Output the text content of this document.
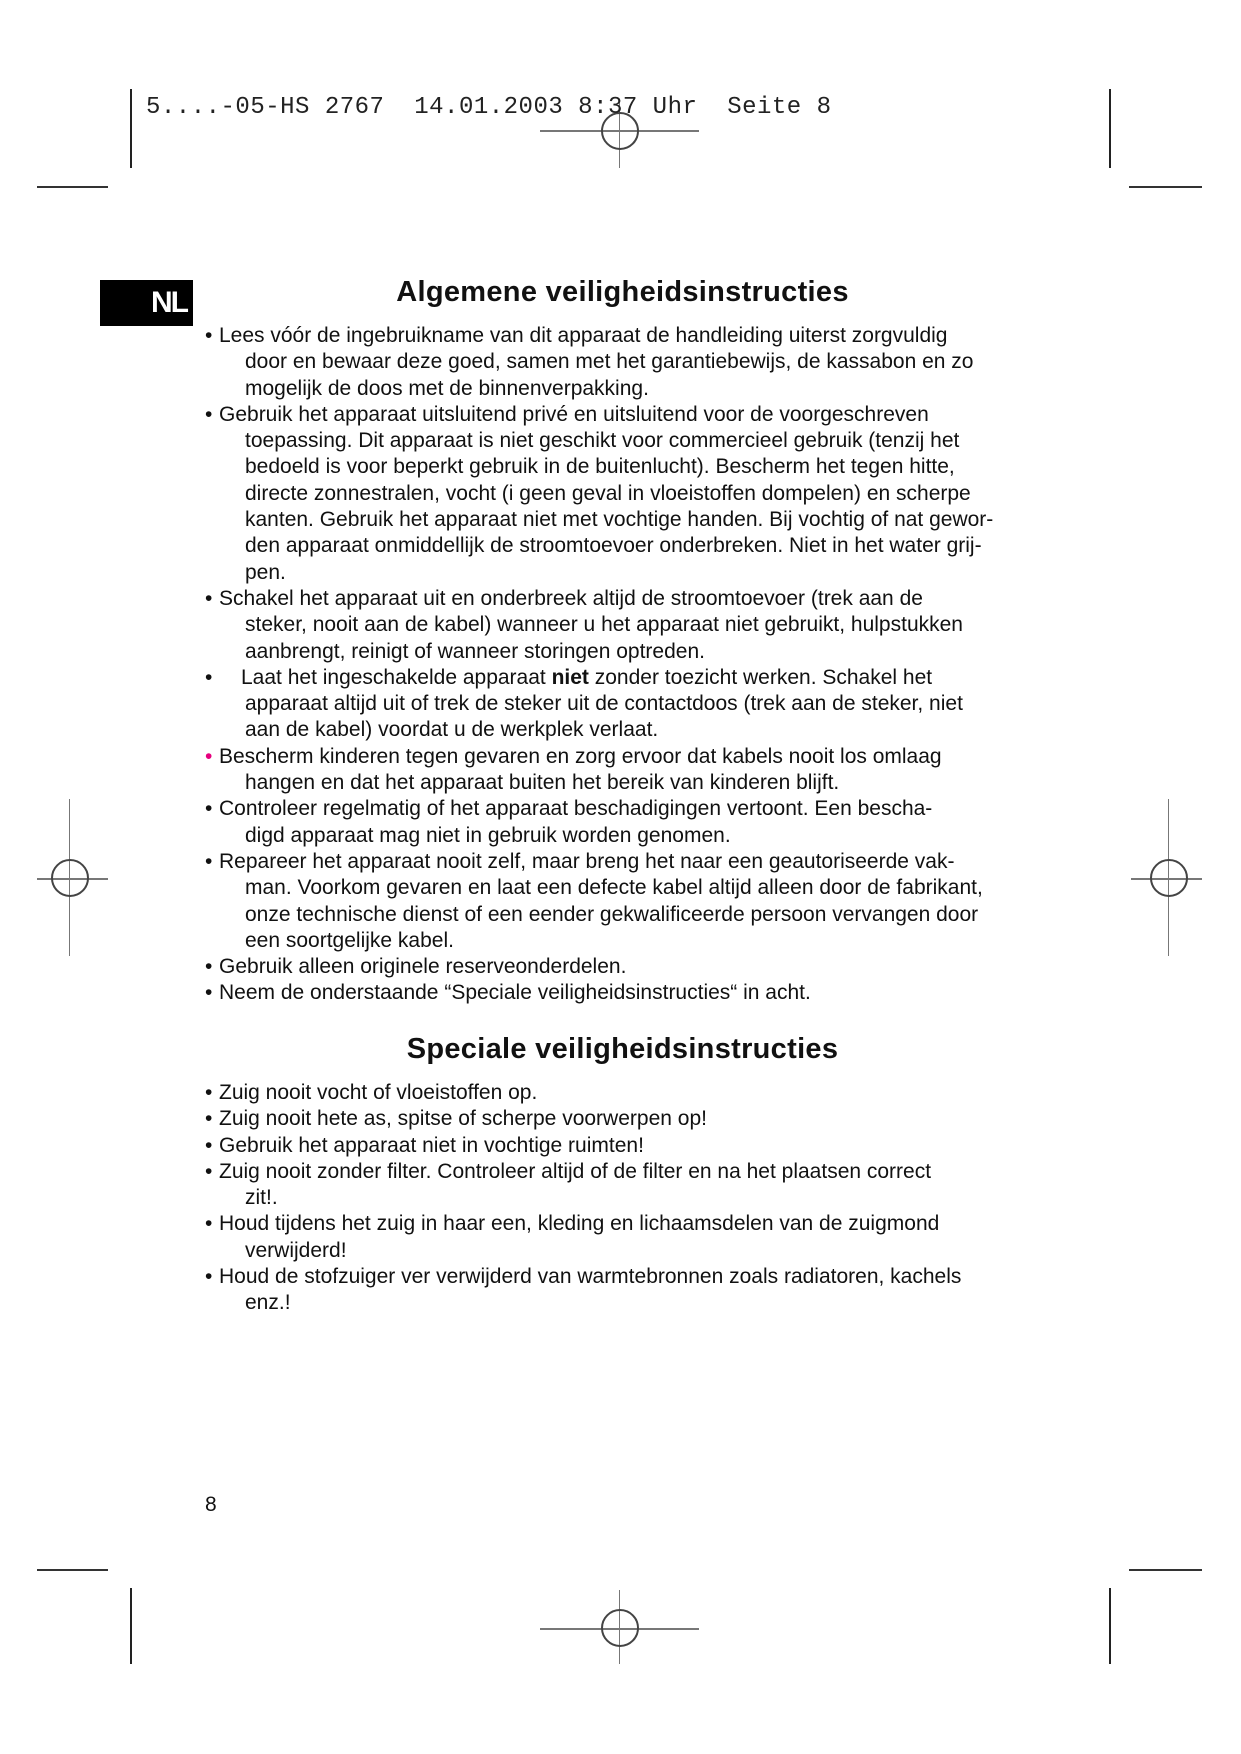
5....-05-HS 2767  14.01.2003 8:37 Uhr  Seite 8
NL	Algemene veiligheidsinstructies
• Lees vóór de ingebruikname van dit apparaat de handleiding uiterst zorgvuldig
door en bewaar deze goed, samen met het garantiebewijs, de kassabon en zo
mogelijk de doos met de binnenverpakking.
• Gebruik het apparaat uitsluitend privé en uitsluitend voor de voorgeschreven
toepassing. Dit apparaat is niet geschikt voor commercieel gebruik (tenzij het
bedoeld is voor beperkt gebruik in de buitenlucht). Bescherm het tegen hitte,
directe zonnestralen, vocht (i geen geval in vloeistoffen dompelen) en scherpe
kanten. Gebruik het apparaat niet met vochtige handen. Bij vochtig of nat gewor-
den apparaat onmiddellijk de stroomtoevoer onderbreken. Niet in het water grij-
pen.
• Schakel het apparaat uit en onderbreek altijd de stroomtoevoer (trek aan de
steker, nooit aan de kabel) wanneer u het apparaat niet gebruikt, hulpstukken
aanbrengt, reinigt of wanneer storingen optreden.
• Laat het ingeschakelde apparaat niet zonder toezicht werken. Schakel het
apparaat altijd uit of trek de steker uit de contactdoos (trek aan de steker, niet
aan de kabel) voordat u de werkplek verlaat.
• Bescherm kinderen tegen gevaren en zorg ervoor dat kabels nooit los omlaag
hangen en dat het apparaat buiten het bereik van kinderen blijft.
• Controleer regelmatig of het apparaat beschadigingen vertoont. Een bescha-
digd apparaat mag niet in gebruik worden genomen.
• Repareer het apparaat nooit zelf, maar breng het naar een geautoriseerde vak-
man. Voorkom gevaren en laat een defecte kabel altijd alleen door de fabrikant,
onze technische dienst of een eender gekwalificeerde persoon vervangen door
een soortgelijke kabel.
• Gebruik alleen originele reserveonderdelen.
• Neem de onderstaande “Speciale veiligheidsinstructies“ in acht.
Speciale veiligheidsinstructies
• Zuig nooit vocht of vloeistoffen op.
• Zuig nooit hete as, spitse of scherpe voorwerpen op!
• Gebruik het apparaat niet in vochtige ruimten!
• Zuig nooit zonder filter. Controleer altijd of de filter en na het plaatsen correct
zit!.
• Houd tijdens het zuig in haar een, kleding en lichaamsdelen van de zuigmond
verwijderd!
• Houd de stofzuiger ver verwijderd van warmtebronnen zoals radiatoren, kachels
enz.!
8
